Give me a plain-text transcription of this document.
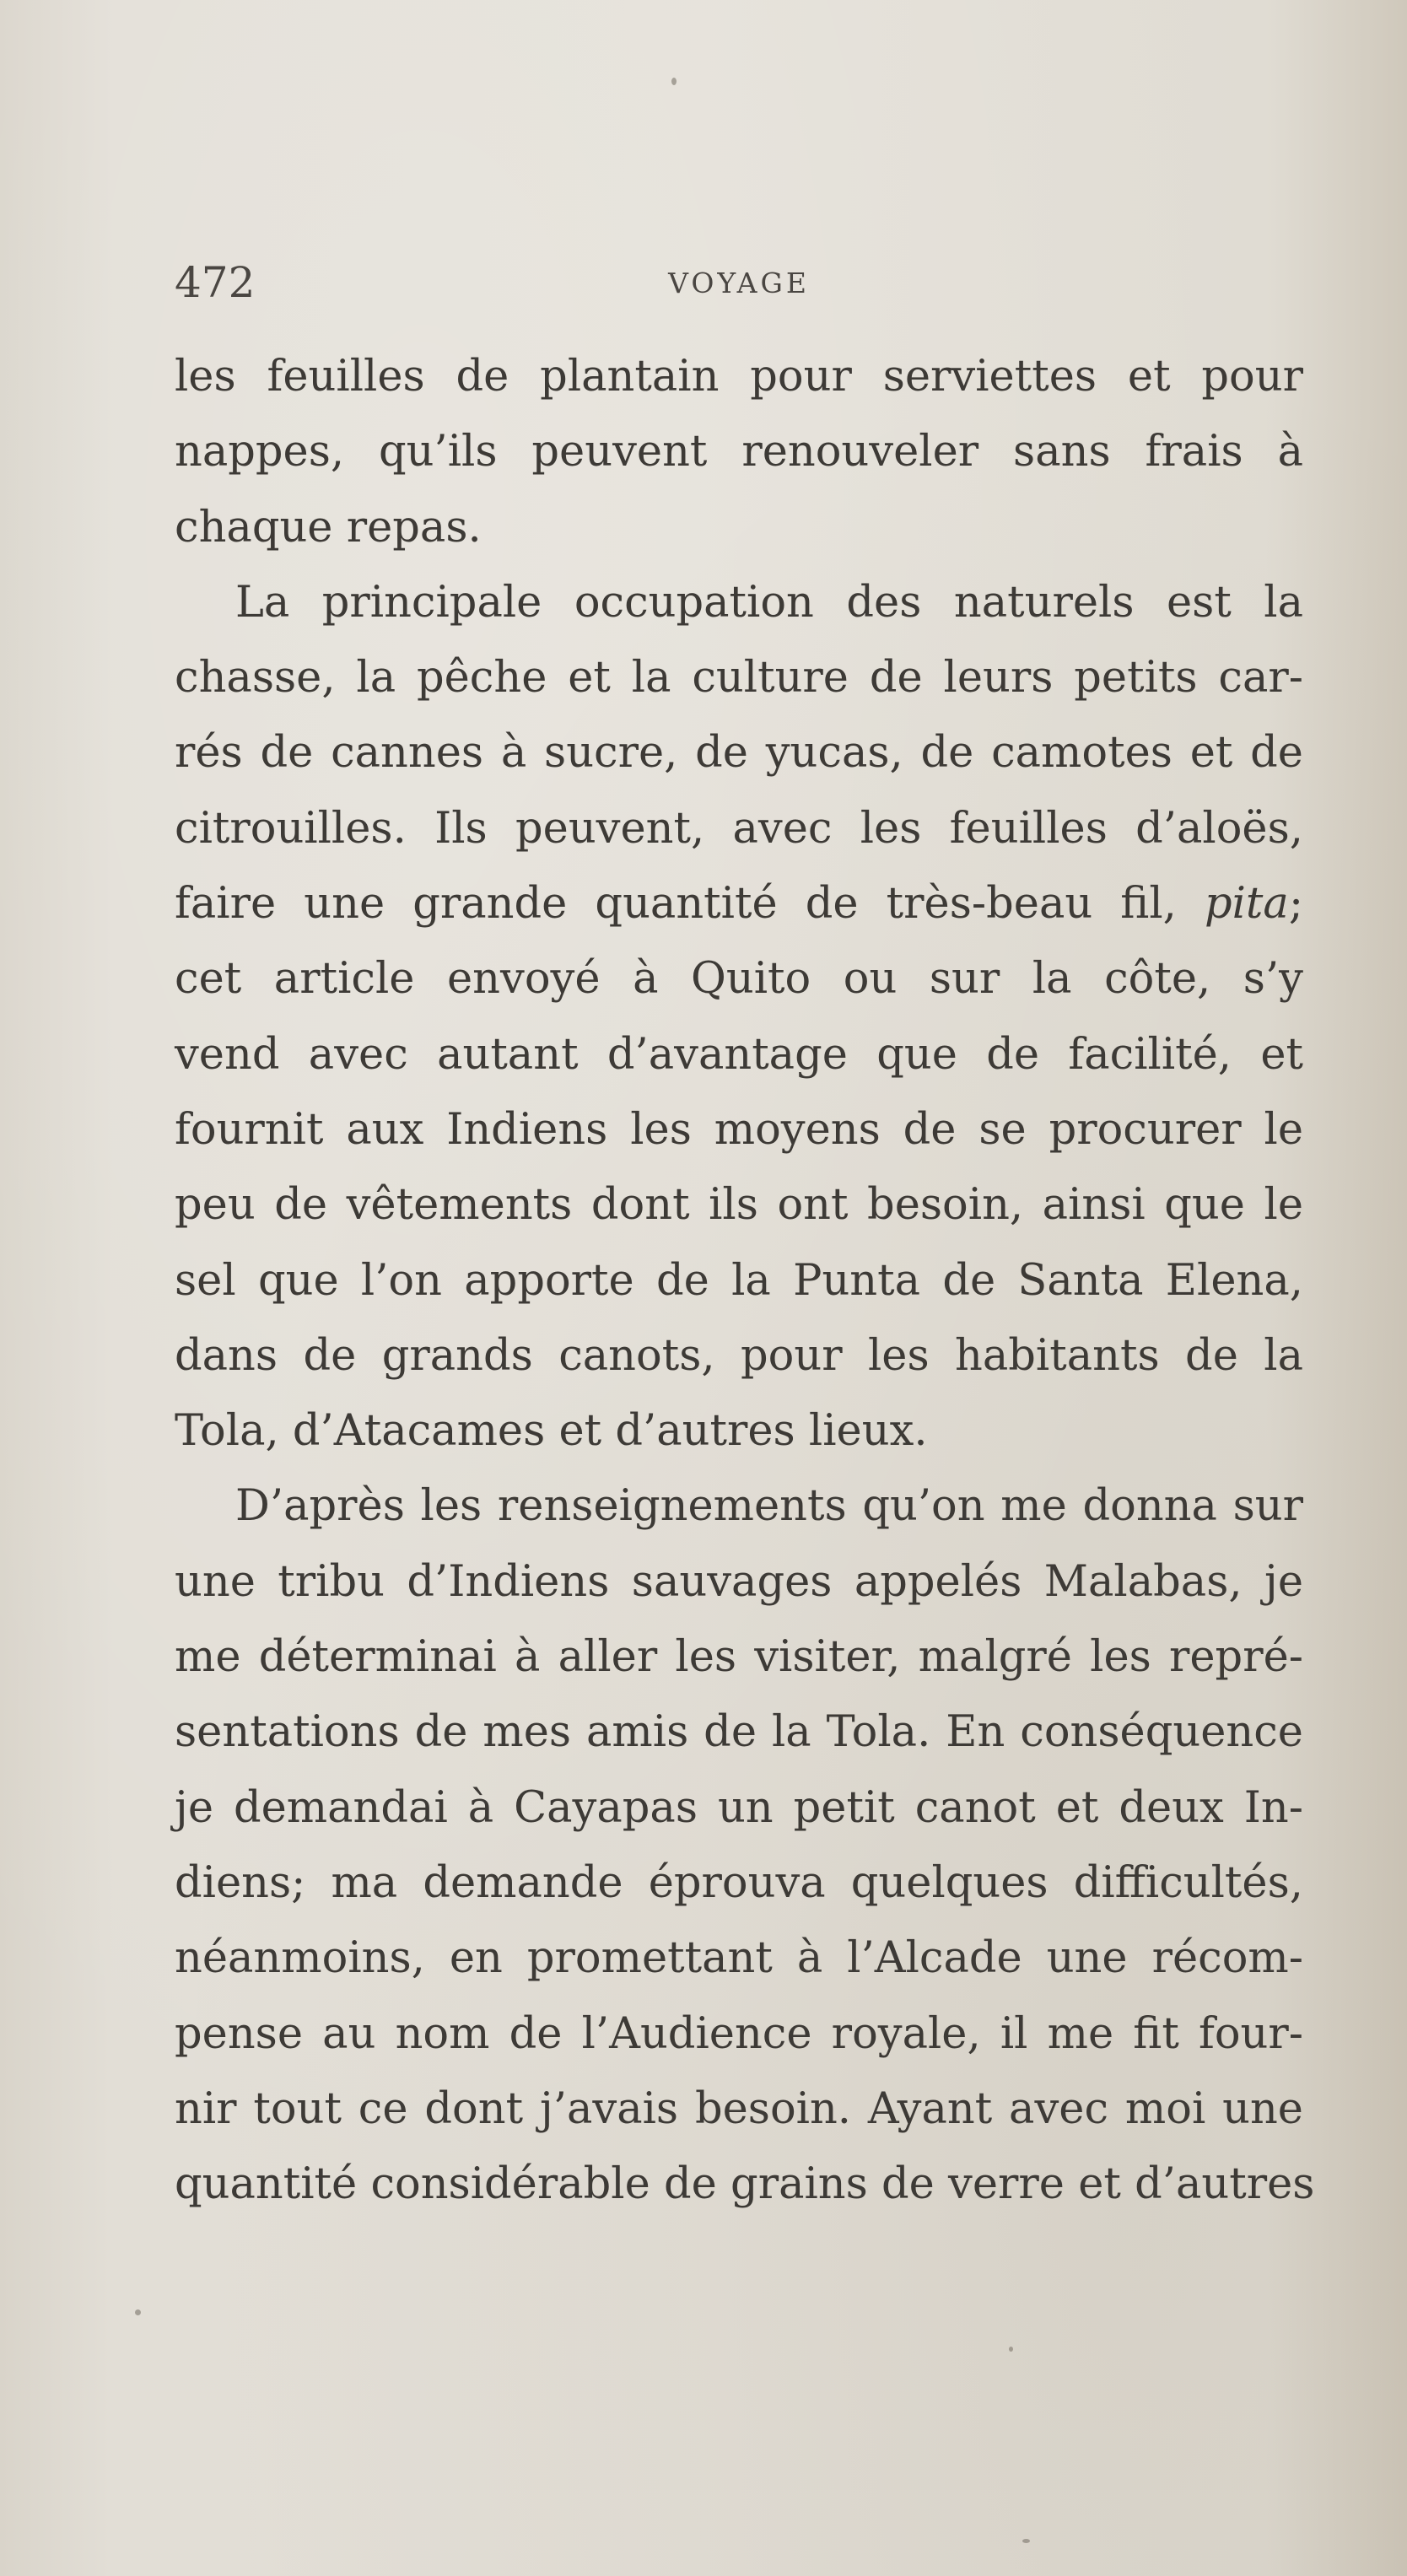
472	VOYAGE
les feuilles de plantain pour serviettes et pour
nappes, qu’ils peuvent renouveler sans frais à
chaque repas.
La principale occupation des naturels est la
chasse, la pêche et la culture de leurs petits car-
rés de cannes à sucre, de yucas, de camotes et de
citrouilles. Ils peuvent, avec les feuilles d’aloës,
faire une grande quantité de très-beau fil, pita;
cet article envoyé à Quito ou sur la côte, s’y
vend avec autant d’avantage que de facilité, et
fournit aux Indiens les moyens de se procurer le
peu de vêtements dont ils ont besoin, ainsi que le
sel que l’on apporte de la Punta de Santa Elena,
dans de grands canots, pour les habitants de la
Tola, d’Atacames et d’autres lieux.
D’après les renseignements qu’on me donna sur
une tribu d’Indiens sauvages appelés Malabas, je
me déterminai à aller les visiter, malgré les repré-
sentations de mes amis de la Tola. En conséquence
je demandai à Cayapas un petit canot et deux In-
diens; ma demande éprouva quelques difficultés,
néanmoins, en promettant à l’Alcade une récom-
pense au nom de l’Audience royale, il me fit four-
nir tout ce dont j’avais besoin. Ayant avec moi une
quantité considérable de grains de verre et d’autres
